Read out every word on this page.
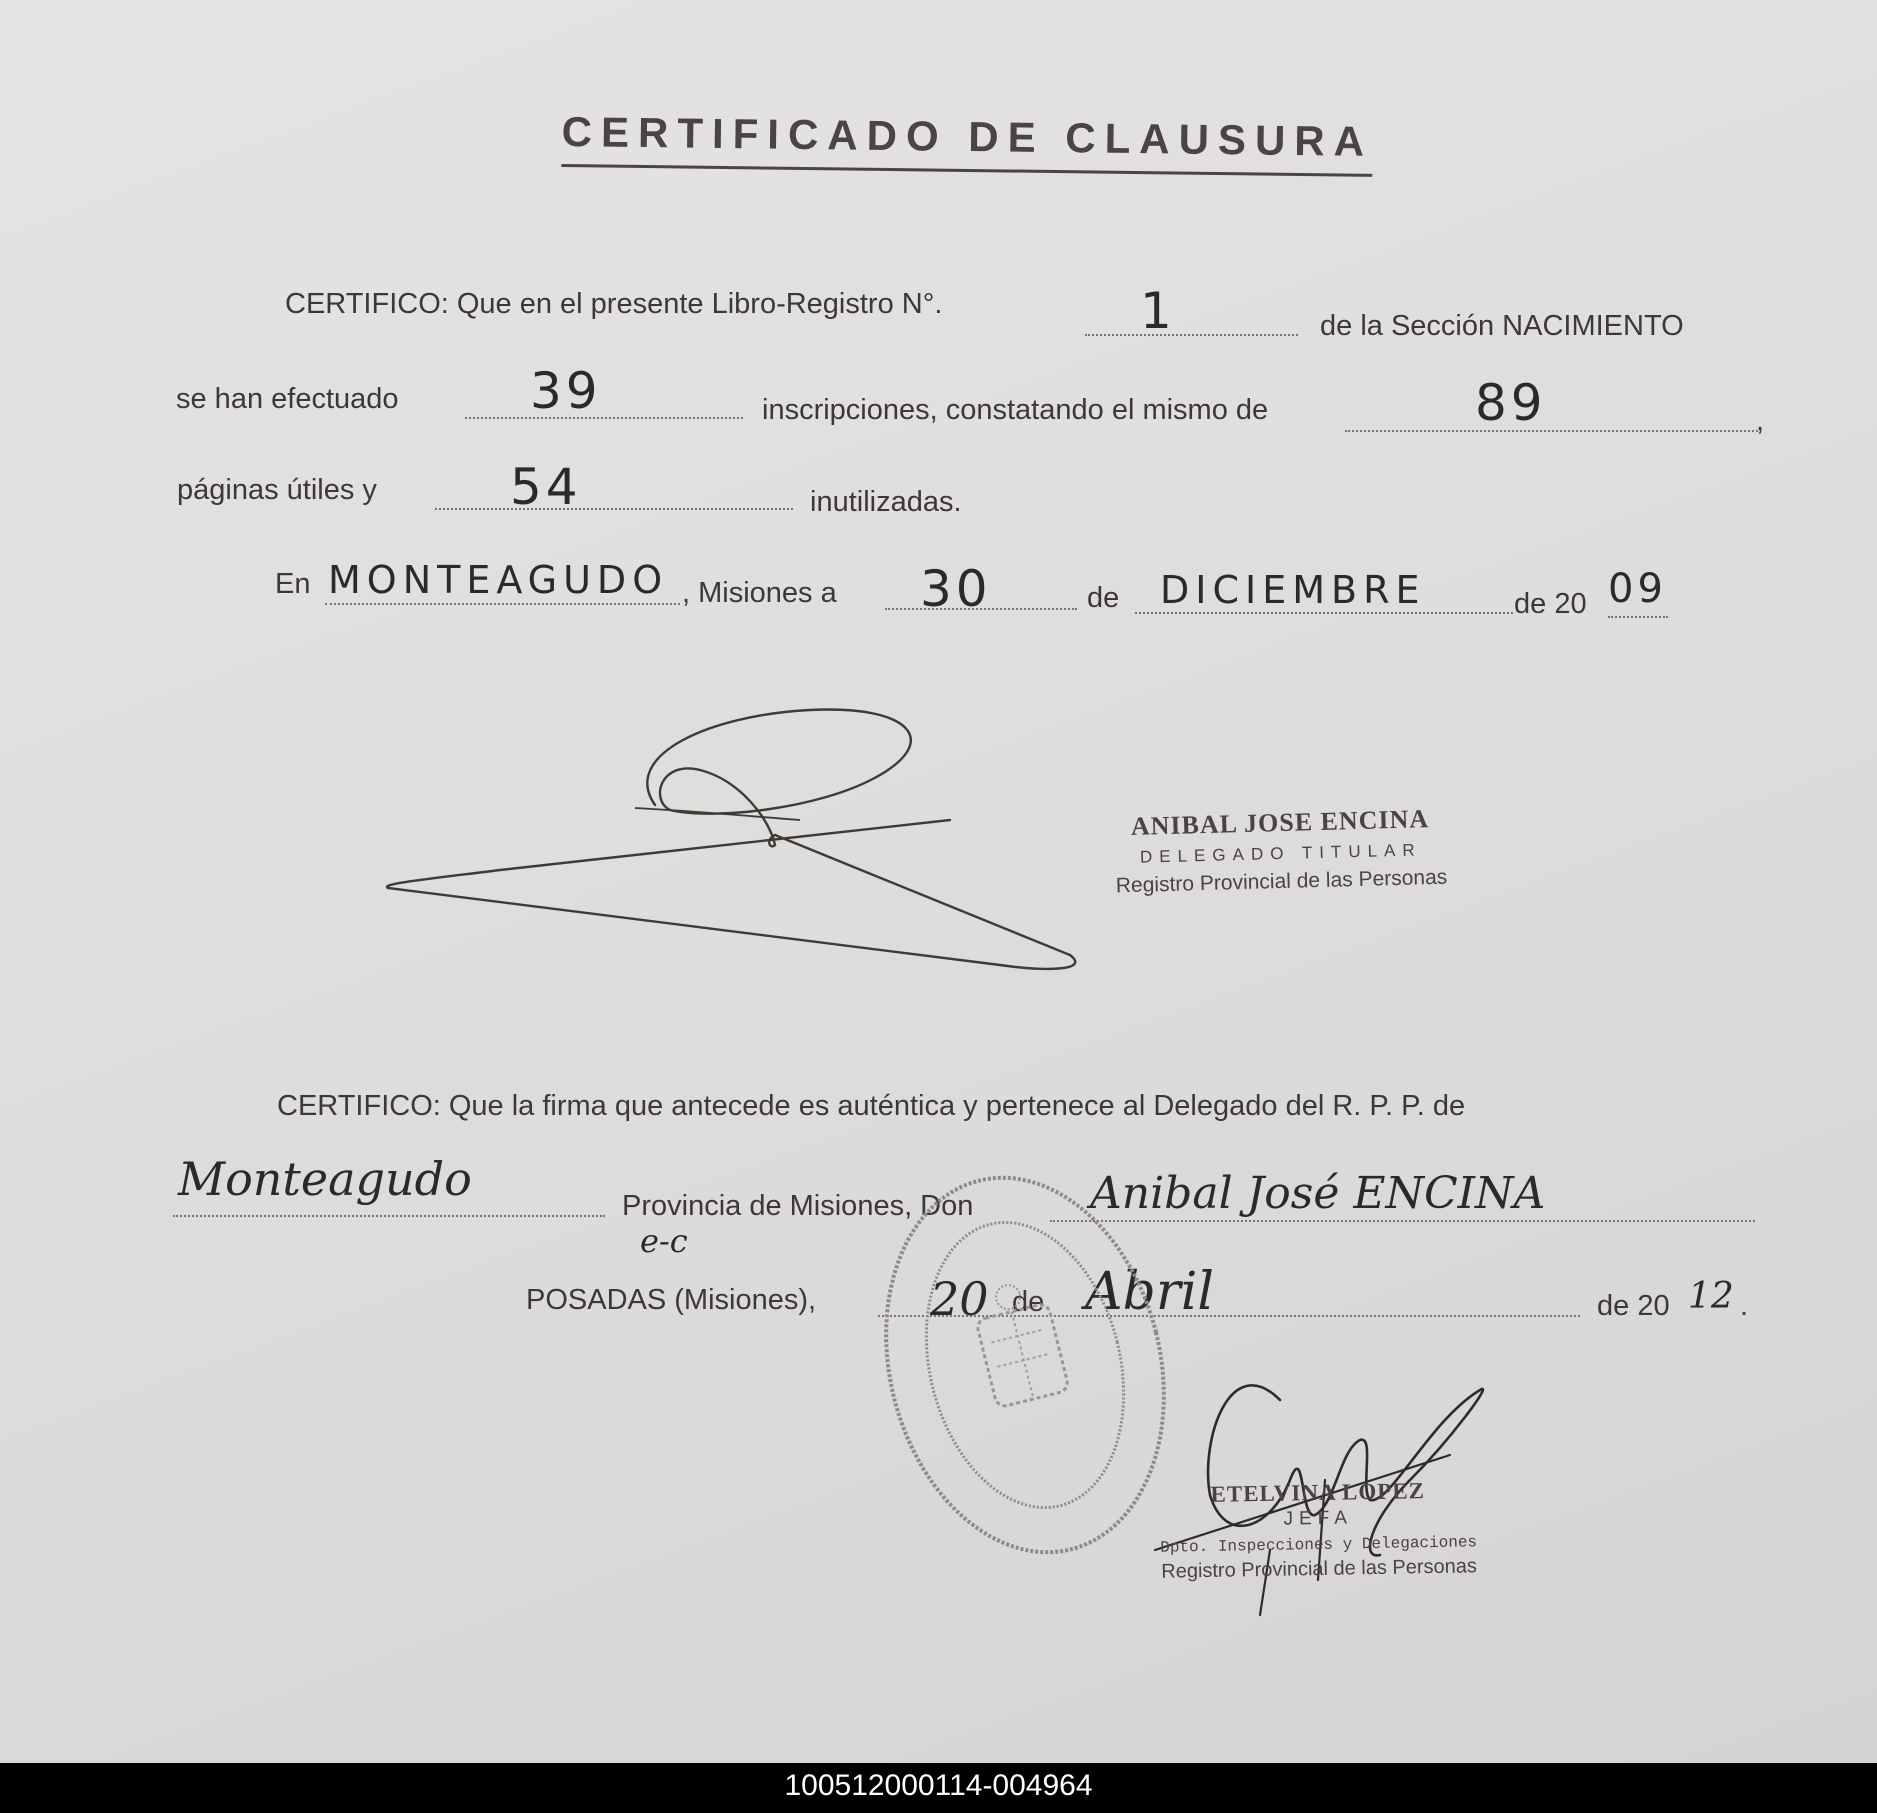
CERTIFICADO DE CLAUSURA
CERTIFICO: Que en el presente Libro-Registro N°.	1	de la Sección NACIMIENTO
se han efectuado	39	inscripciones, constatando el mismo de	89	,
páginas útiles y	54	inutilizadas.
En MONTEAGUDO , Misiones a 30	de DICIEMBRE	de 20 09
ANIBAL JOSE ENCINA
DELEGADO TITULAR
Registro Provincial de las Personas
CERTIFICO: Que la firma que antecede es auténtica y pertenece al Delegado del R. P. P. de
Monteagudo	Provincia de Misiones, Don	Anibal José ENCINA
e-c
POSADAS (Misiones), 20 de Abril	de 20 12 .
ETELVINA LOPEZ
JEFA
Dpto. Inspecciones y Delegaciones
Registro Provincial de las Personas
100512000114-004964
